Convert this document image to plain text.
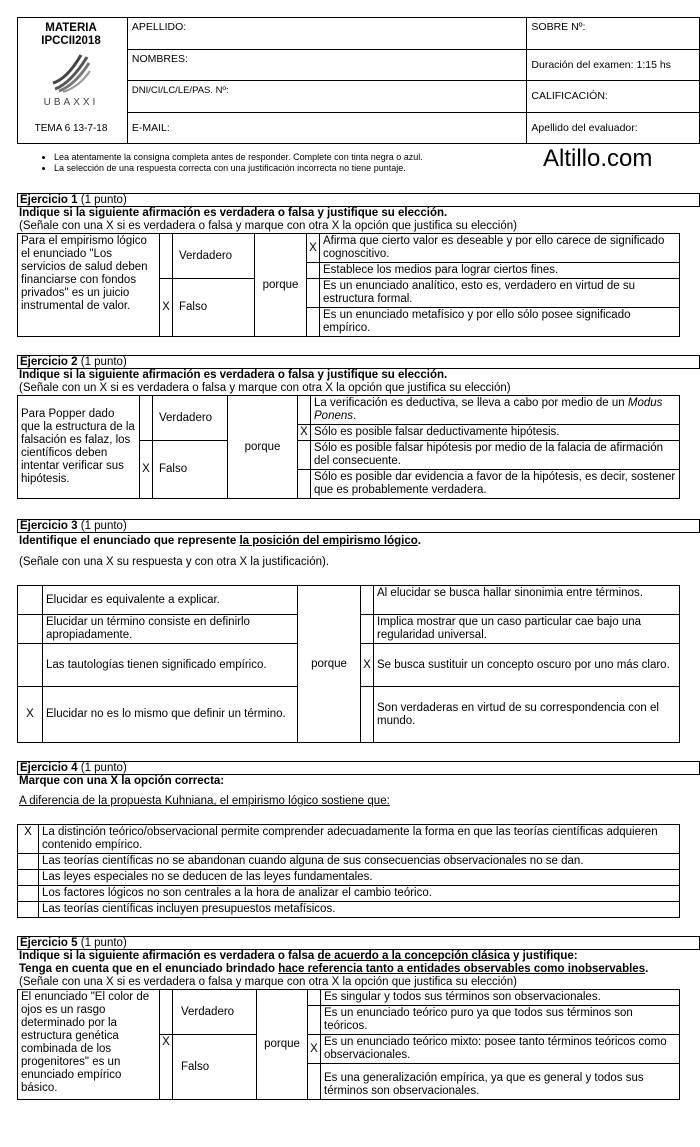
MATERIA
IPCCII2018
UBAXXI
TEMA 6 13-7-18	APELLIDO:	SOBRE Nº:
	NOMBRES:	Duración del examen: 1:15 hs
	DNI/CI/LC/LE/PAS. Nº:	CALIFICACIÓN:
	E-MAIL:	Apellido del evaluador:
• Lea atentamente la consigna completa antes de responder. Complete con tinta negra o azul.
• La selección de una respuesta correcta con una justificación incorrecta no tiene puntaje.	Altillo.com
Ejercicio 1 (1 punto)
Indique si la siguiente afirmación es verdadera o falsa y justifique su elección.
(Señale con una X si es verdadera o falsa y marque con otra X la opción que justifica su elección)
Para el empirismo lógico el enunciado "Los servicios de salud deben financiarse con fondos privados" es un juicio instrumental de valor.		Verdadero	porque	X	Afirma que cierto valor es deseable y por ello carece de significado cognoscitivo.
					Establece los medios para lograr ciertos fines.
	X	Falso			Es un enunciado analítico, esto es, verdadero en virtud de su estructura formal.
					Es un enunciado metafísico y por ello sólo posee significado empírico.
Ejercicio 2 (1 punto)
Indique si la siguiente afirmación es verdadera o falsa y justifique su elección.
(Señale con un X si es verdadera o falsa y marque con otra X la opción que justifica su elección)
Para Popper dado que la estructura de la falsación es falaz, los científicos deben intentar verificar sus hipótesis.		Verdadero	porque		La verificación es deductiva, se lleva a cabo por medio de un Modus Ponens.
				X	Sólo es posible falsar deductivamente hipótesis.
	X	Falso			Sólo es posible falsar hipótesis por medio de la falacia de afirmación del consecuente.
					Sólo es posible dar evidencia a favor de la hipótesis, es decir, sostener que es probablemente verdadera.
Ejercicio 3 (1 punto)
Identifique el enunciado que represente la posición del empirismo lógico.
(Señale con una X su respuesta y con otra X la justificación).
	Elucidar es equivalente a explicar.	porque		Al elucidar se busca hallar sinonimia entre términos.
	Elucidar un término consiste en definirlo apropiadamente.			Implica mostrar que un caso particular cae bajo una regularidad universal.
	Las tautologías tienen significado empírico.		X	Se busca sustituir un concepto oscuro por uno más claro.
X	Elucidar no es lo mismo que definir un término.			Son verdaderas en virtud de su correspondencia con el mundo.
Ejercicio 4 (1 punto)
Marque con una X la opción correcta:
A diferencia de la propuesta Kuhniana, el empirismo lógico sostiene que:
X	La distinción teórico/observacional permite comprender adecuadamente la forma en que las teorías científicas adquieren contenido empírico.
	Las teorías científicas no se abandonan cuando alguna de sus consecuencias observacionales no se dan.
	Las leyes especiales no se deducen de las leyes fundamentales.
	Los factores lógicos no son centrales a la hora de analizar el cambio teórico.
	Las teorías científicas incluyen presupuestos metafísicos.
Ejercicio 5 (1 punto)
Indique si la siguiente afirmación es verdadera o falsa de acuerdo a la concepción clásica y justifique:
Tenga en cuenta que en el enunciado brindado hace referencia tanto a entidades observables como inobservables.
(Señale con una X si es verdadera o falsa y marque con otra X la opción que justifica su elección)
El enunciado "El color de ojos es un rasgo determinado por la estructura genética combinada de los progenitores" es un enunciado empírico básico.		Verdadero	porque		Es singular y todos sus términos son observacionales.
					Es un enunciado teórico puro ya que todos sus términos son teóricos.
	X	Falso		X	Es un enunciado teórico mixto: posee tanto términos teóricos como observacionales.
					Es una generalización empírica, ya que es general y todos sus términos son observacionales.
